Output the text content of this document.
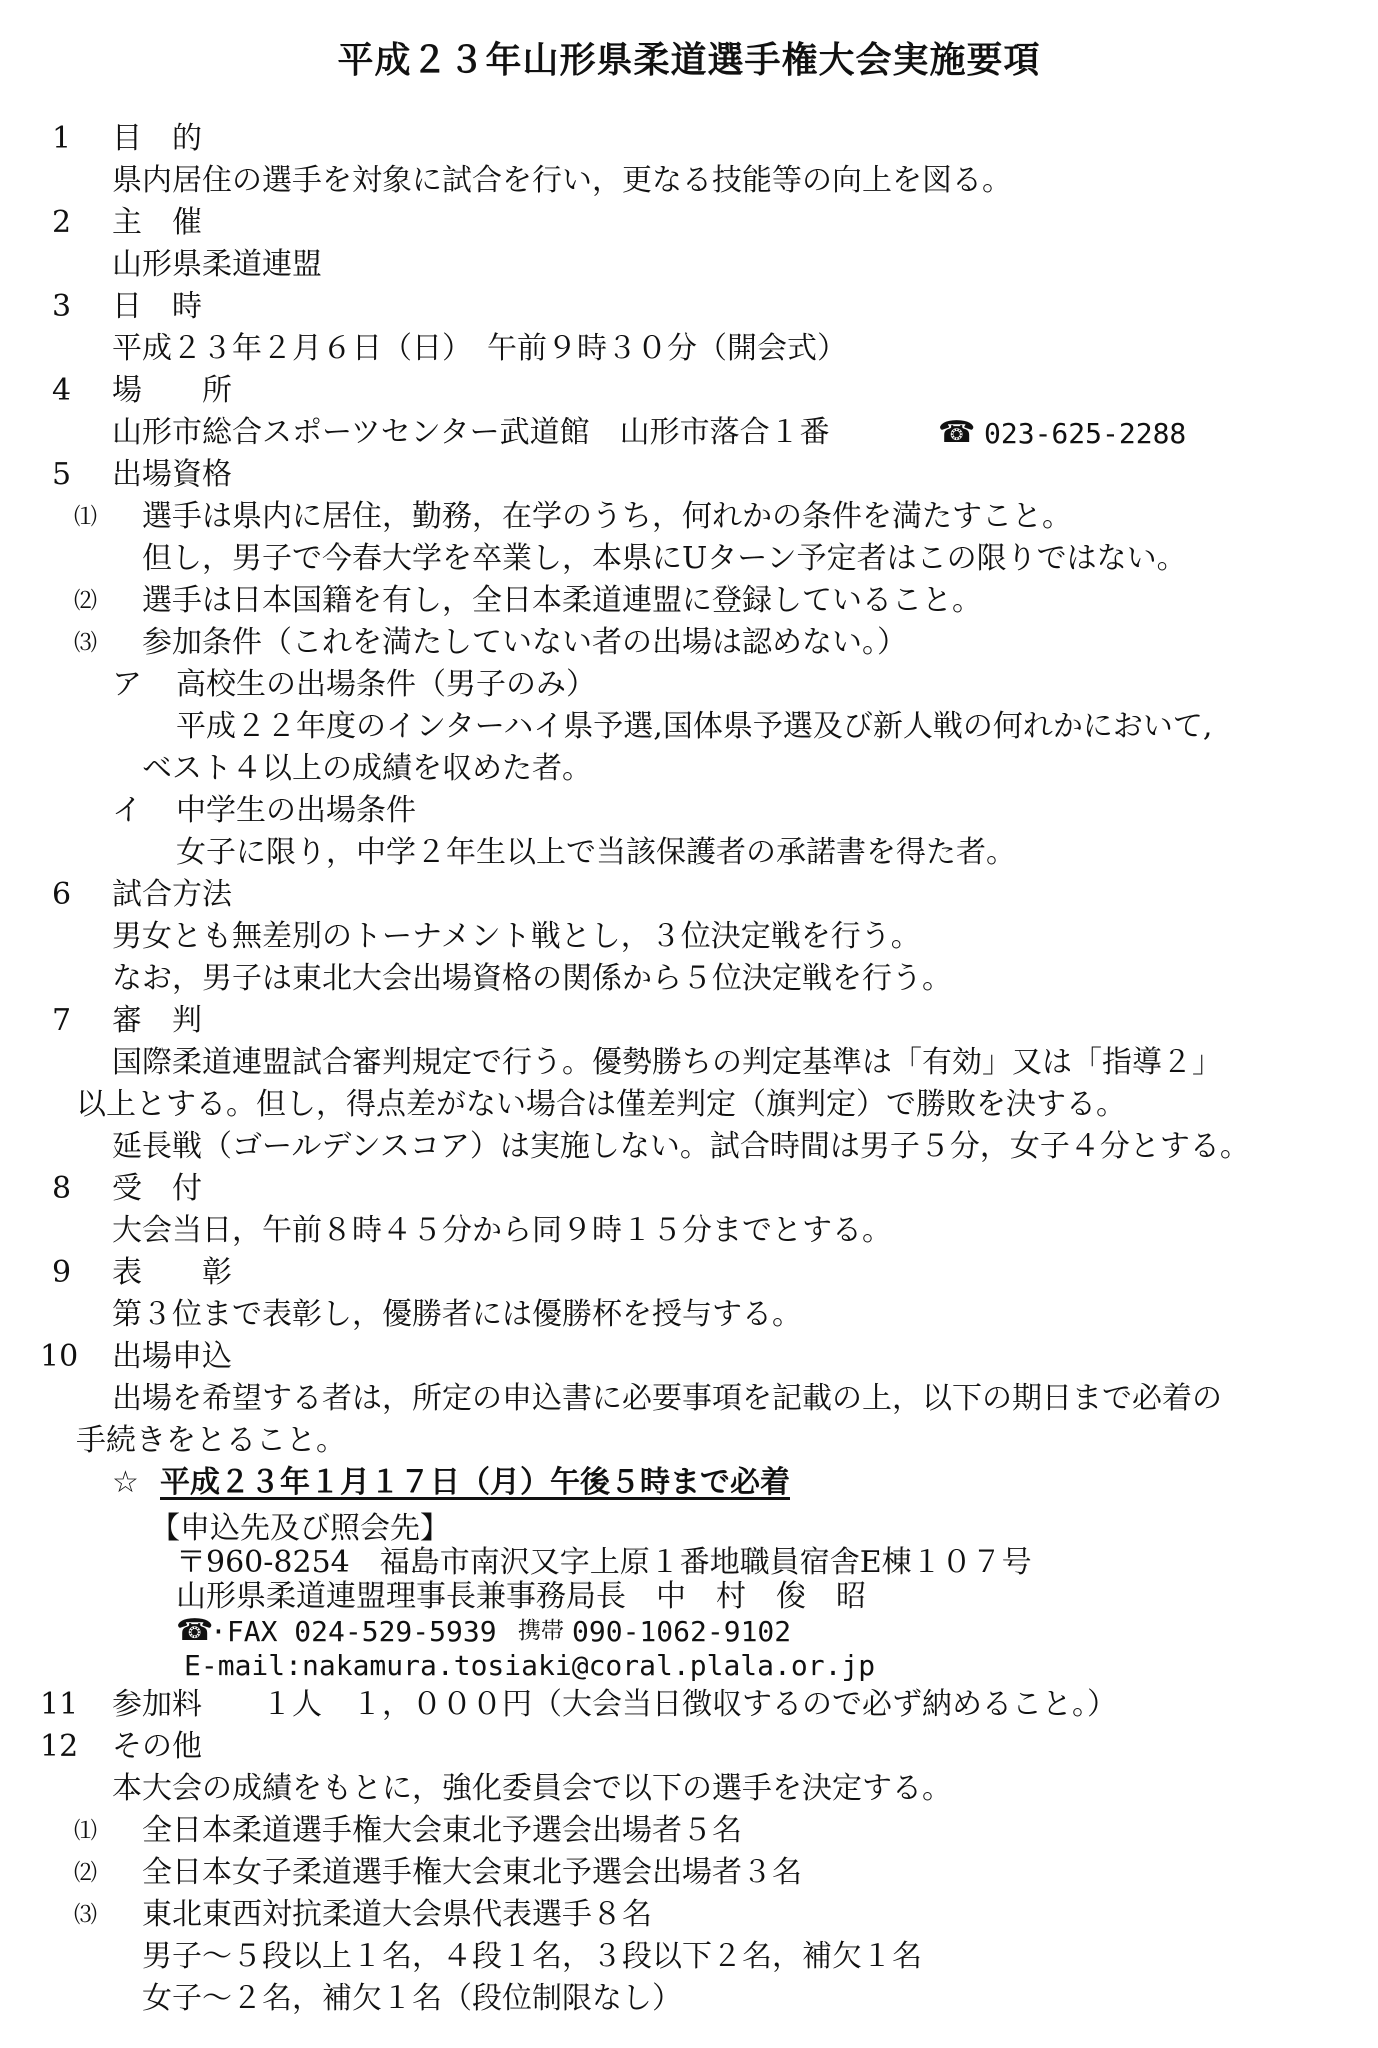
平成２３年山形県柔道選手権大会実施要項
1 目　的
県内居住の選手を対象に試合を行い，更なる技能等の向上を図る。
2 主　催
山形県柔道連盟
3 日　時
平成２３年２月６日（日）　午前９時３０分（開会式）
4 場　　所
山形市総合スポーツセンター武道館　山形市落合１番	☎ 023-625-2288
5 出場資格
⑴ 選手は県内に居住，勤務，在学のうち，何れかの条件を満たすこと。
但し，男子で今春大学を卒業し，本県にUターン予定者はこの限りではない。
⑵ 選手は日本国籍を有し，全日本柔道連盟に登録していること。
⑶ 参加条件（これを満たしていない者の出場は認めない。）
ア 高校生の出場条件（男子のみ）
平成２２年度のインターハイ県予選,国体県予選及び新人戦の何れかにおいて,
ベスト４以上の成績を収めた者。
イ 中学生の出場条件
女子に限り，中学２年生以上で当該保護者の承諾書を得た者。
6 試合方法
男女とも無差別のトーナメント戦とし，３位決定戦を行う。
なお，男子は東北大会出場資格の関係から５位決定戦を行う。
7 審　判
国際柔道連盟試合審判規定で行う。優勢勝ちの判定基準は「有効」又は「指導２」
以上とする。但し，得点差がない場合は僅差判定（旗判定）で勝敗を決する。
延長戦（ゴールデンスコア）は実施しない。試合時間は男子５分，女子４分とする。
8 受　付
大会当日，午前８時４５分から同９時１５分までとする。
9 表　　彰
第３位まで表彰し，優勝者には優勝杯を授与する。
10 出場申込
出場を希望する者は，所定の申込書に必要事項を記載の上，以下の期日まで必着の
手続きをとること。
☆ 平成２３年１月１７日（月）午後５時まで必着
【申込先及び照会先】
〒 960-8254　福島市南沢又字上原１番地職員宿舎E棟１０７号
山形県柔道連盟理事長兼事務局長　中　村　俊　昭
☎
·FAX 024-529-5939 携帯 090-1062-9102
E-mail:nakamura.tosiaki@coral.plala.or.jp
11 参加料 １人　１，０００円（大会当日徴収するので必ず納めること。）
12 その他
本大会の成績をもとに，強化委員会で以下の選手を決定する。
⑴ 全日本柔道選手権大会東北予選会出場者５名
⑵ 全日本女子柔道選手権大会東北予選会出場者３名
⑶ 東北東西対抗柔道大会県代表選手８名
男子～５段以上１名，４段１名，３段以下２名，補欠１名
女子～２名，補欠１名（段位制限なし）
